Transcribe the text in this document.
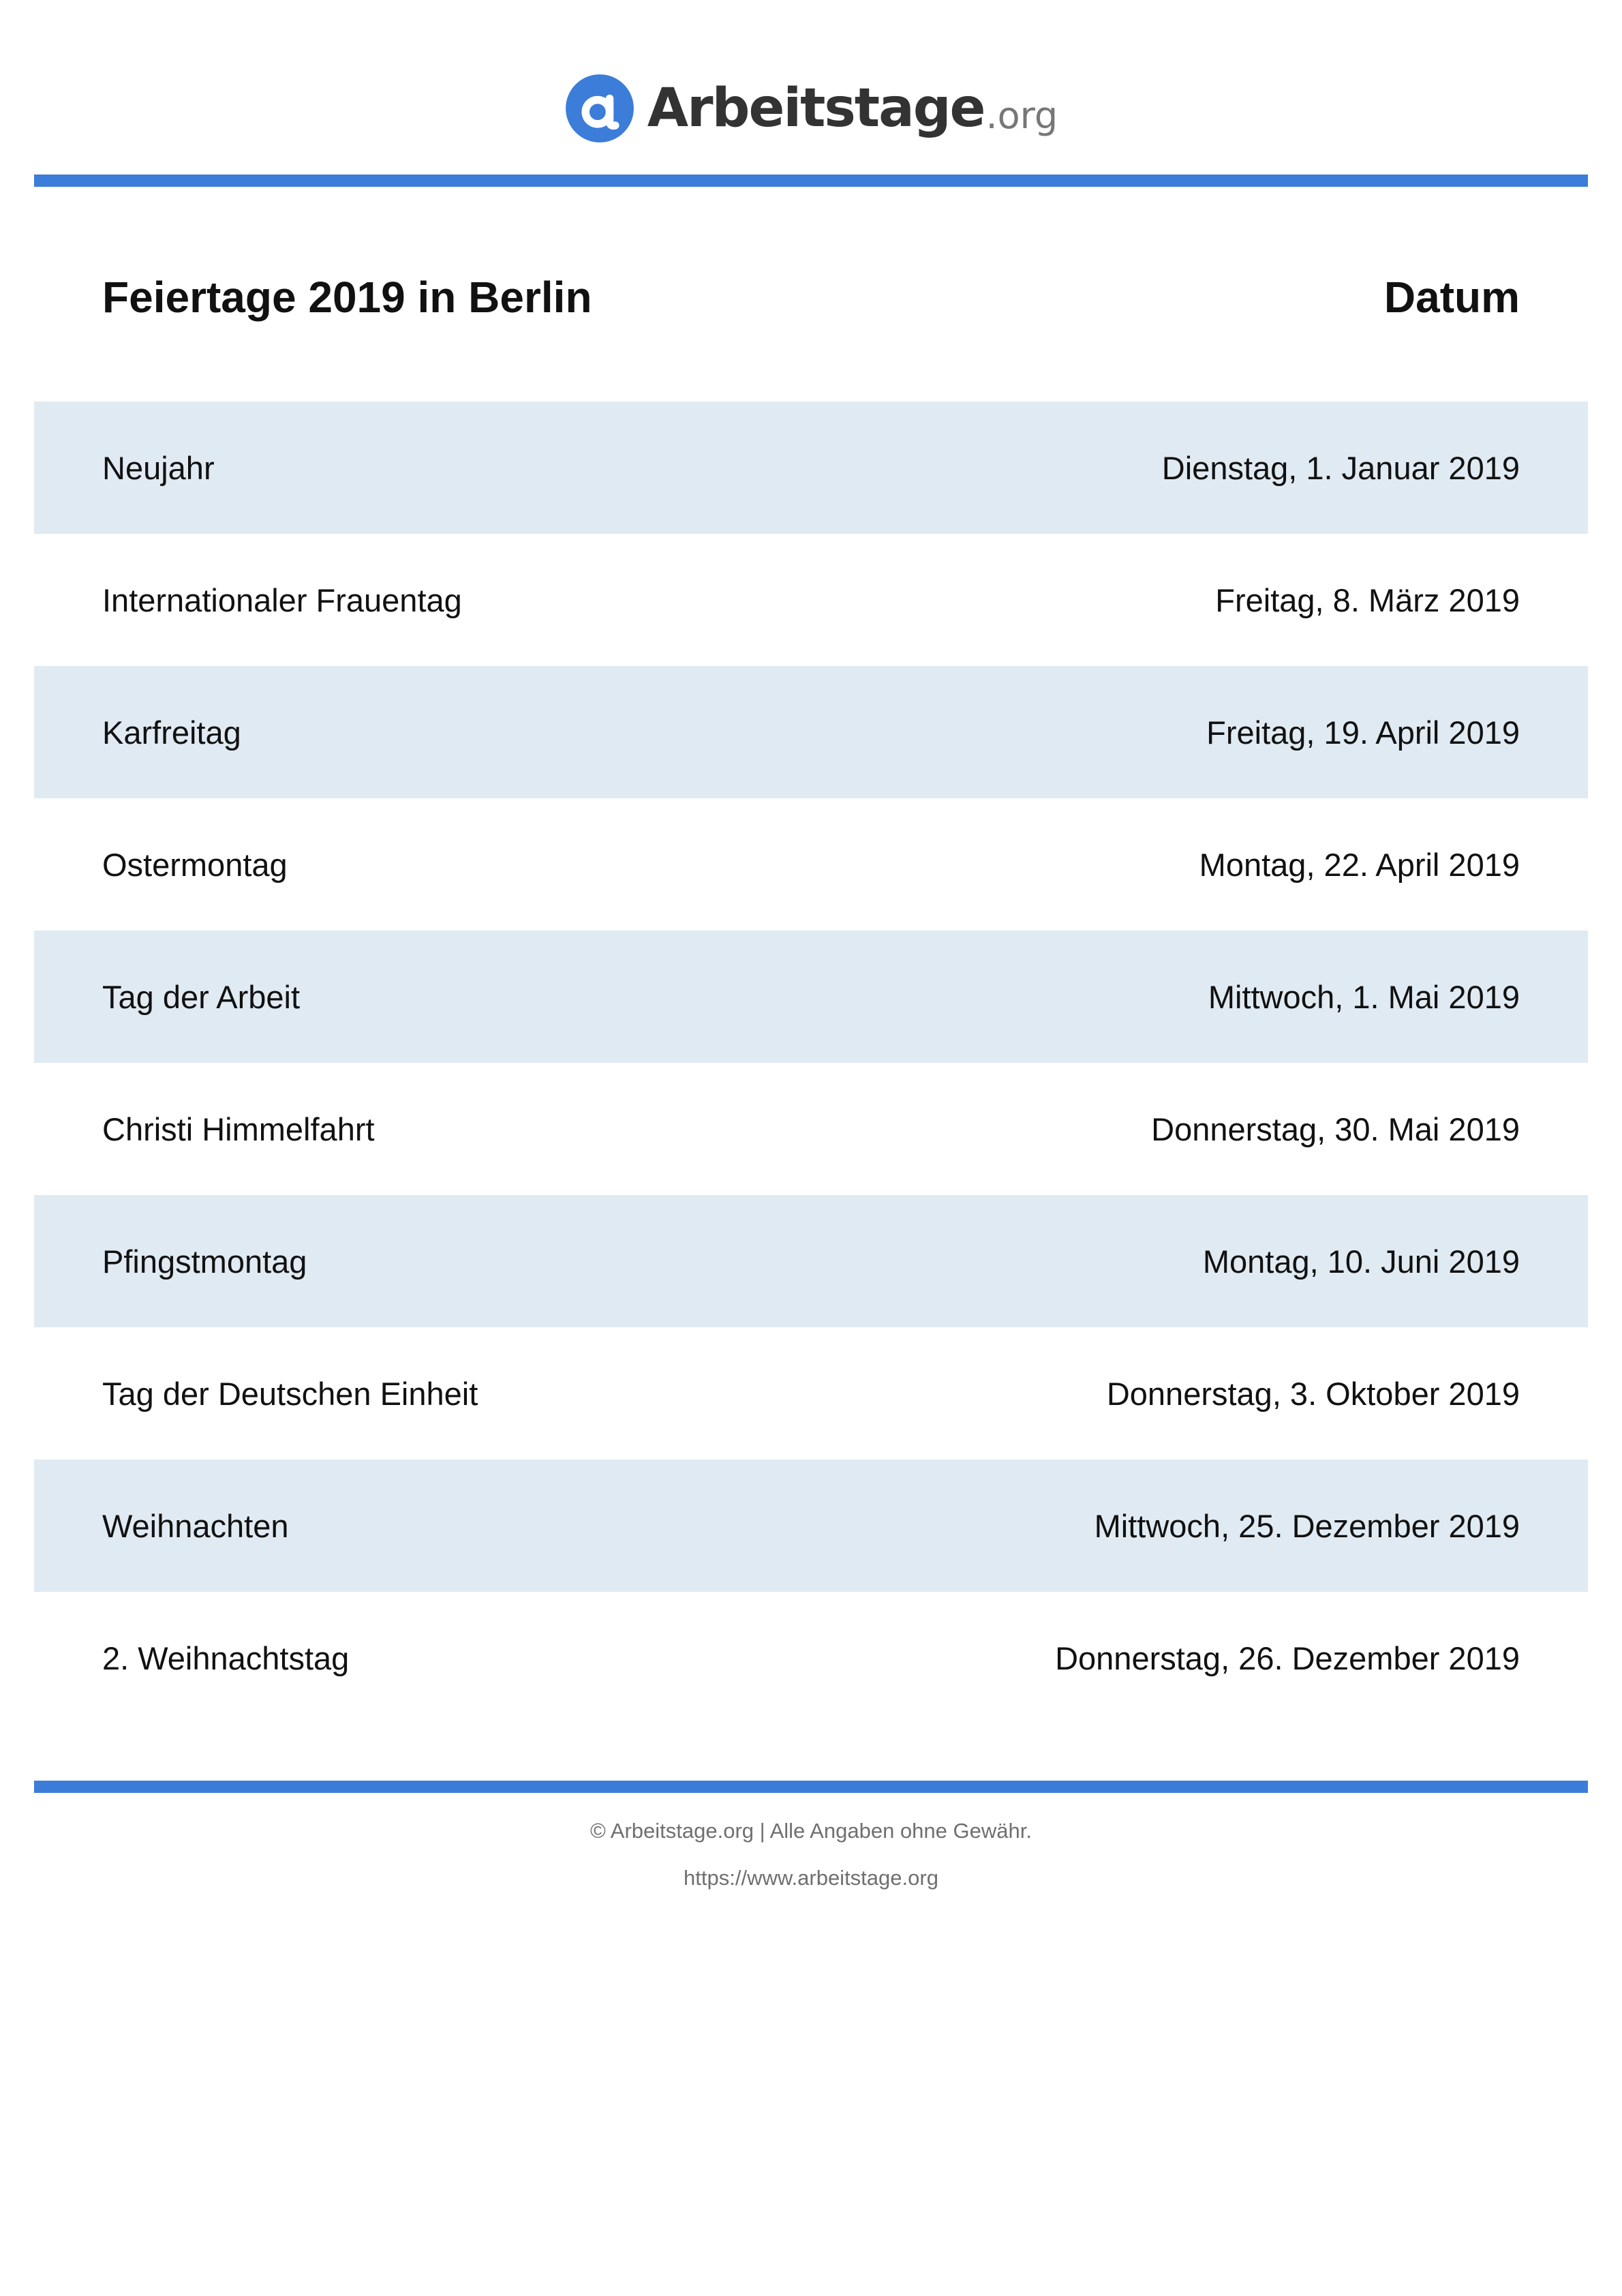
Arbeitstage .org
Feiertage 2019 in Berlin	Datum
Neujahr	Dienstag, 1. Januar 2019
Internationaler Frauentag	Freitag, 8. März 2019
Karfreitag	Freitag, 19. April 2019
Ostermontag	Montag, 22. April 2019
Tag der Arbeit	Mittwoch, 1. Mai 2019
Christi Himmelfahrt	Donnerstag, 30. Mai 2019
Pfingstmontag	Montag, 10. Juni 2019
Tag der Deutschen Einheit	Donnerstag, 3. Oktober 2019
Weihnachten	Mittwoch, 25. Dezember 2019
2. Weihnachtstag	Donnerstag, 26. Dezember 2019
© Arbeitstage.org | Alle Angaben ohne Gewähr.
https://www.arbeitstage.org
